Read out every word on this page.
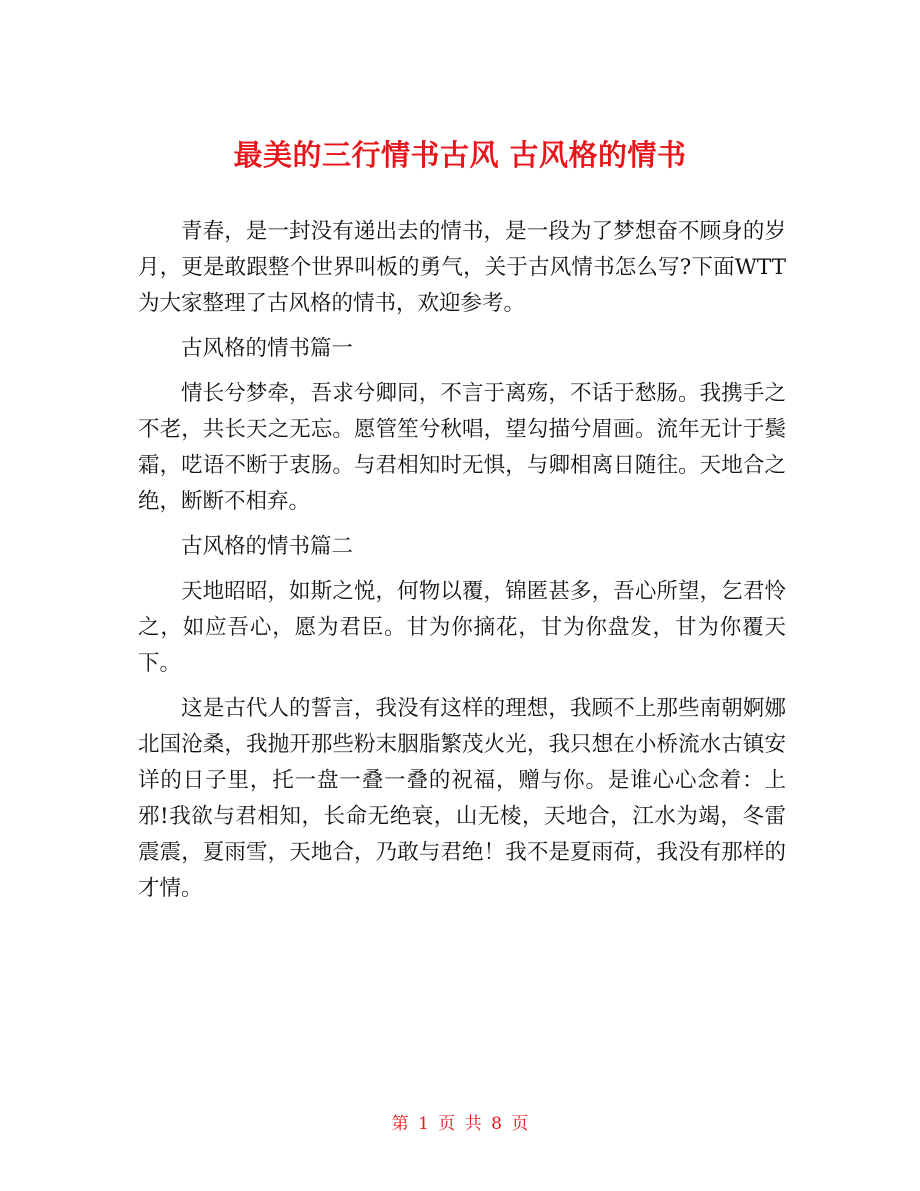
最美的三行情书古风 古风格的情书

青春，是一封没有递出去的情书，是一段为了梦想奋不顾身的岁月，更是敢跟整个世界叫板的勇气，关于古风情书怎么写?下面WTT为大家整理了古风格的情书，欢迎参考。

古风格的情书篇一

情长兮梦牵，吾求兮卿同，不言于离殇，不话于愁肠。我携手之不老，共长天之无忘。愿管笙兮秋唱，望勾描兮眉画。流年无计于鬓霜，呓语不断于衷肠。与君相知时无惧，与卿相离日随往。天地合之绝，断断不相弃。

古风格的情书篇二

天地昭昭，如斯之悦，何物以覆，锦匿甚多，吾心所望，乞君怜之，如应吾心，愿为君臣。甘为你摘花，甘为你盘发，甘为你覆天下。

这是古代人的誓言，我没有这样的理想，我顾不上那些南朝婀娜北国沧桑，我抛开那些粉末胭脂繁茂火光，我只想在小桥流水古镇安详的日子里，托一盘一叠一叠的祝福，赠与你。是谁心心念着：上邪!我欲与君相知，长命无绝衰，山无棱，天地合，江水为竭，冬雷震震，夏雨雪，天地合，乃敢与君绝！我不是夏雨荷，我没有那样的才情。

第 1 页 共 8 页
